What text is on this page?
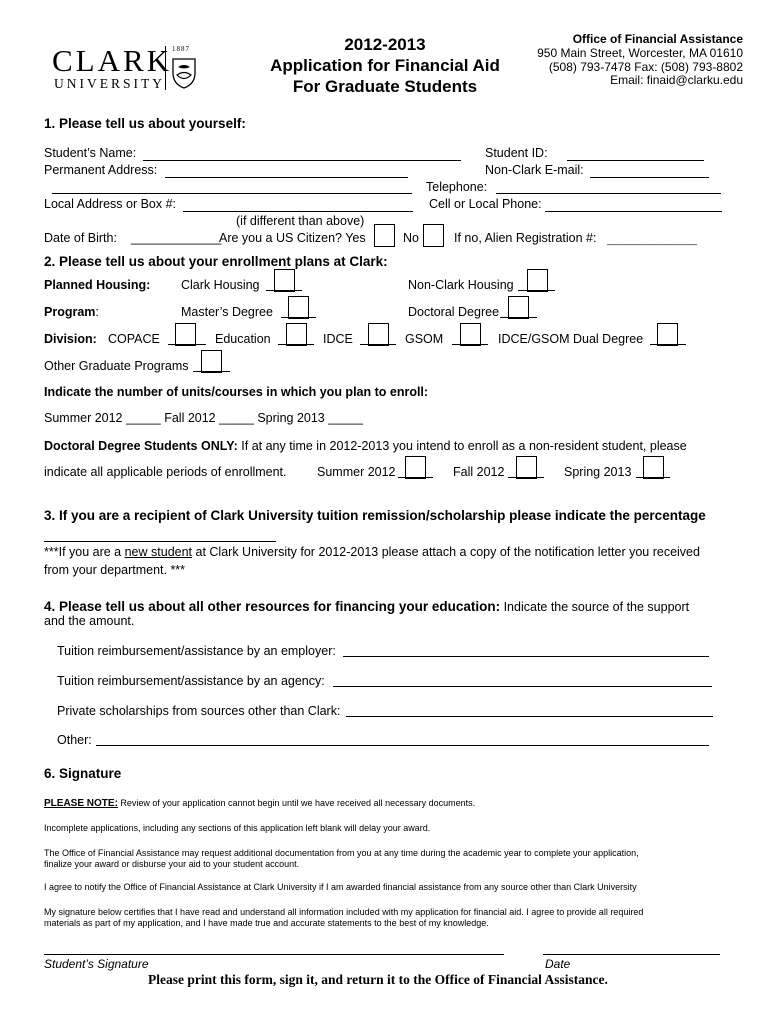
CLARK
UNIVERSITY
1887	2012-2013
Application for Financial Aid
For Graduate Students
Office of Financial Assistance
950 Main Street, Worcester, MA 01610
(508) 793-7478 Fax: (508) 793-8802
Email: finaid@clarku.edu
1. Please tell us about yourself:
Student’s Name:	Student ID:
Permanent Address:	Non-Clark E-mail:
Telephone:
Local Address or Box #:	Cell or Local Phone:
(if different than above)
Date of Birth: _____________
Are you a US Citizen? Yes	No	If no, Alien Registration #: __________________
2. Please tell us about your enrollment plans at Clark:
Planned Housing: Clark Housing	Non-Clark Housing
Program:	Master’s Degree	Doctoral Degree
Division: COPACE	Education	IDCE	GSOM	IDCE/GSOM Dual Degree
Other Graduate Programs
Indicate the number of units/courses in which you plan to enroll:
Summer 2012 _____ Fall 2012 _____ Spring 2013 _____
Doctoral Degree Students ONLY: If at any time in 2012-2013 you intend to enroll as a non-resident student, please
indicate all applicable periods of enrollment. Summer 2012	Fall 2012	Spring 2013
3. If you are a recipient of Clark University tuition remission/scholarship please indicate the percentage
***If you are a new student at Clark University for 2012-2013 please attach a copy of the notification letter you received
from your department. ***
4. Please tell us about all other resources for financing your education: Indicate the source of the support
and the amount.
Tuition reimbursement/assistance by an employer:
Tuition reimbursement/assistance by an agency:
Private scholarships from sources other than Clark:
Other:
6. Signature
PLEASE NOTE: Review of your application cannot begin until we have received all necessary documents.
Incomplete applications, including any sections of this application left blank will delay your award.
The Office of Financial Assistance may request additional documentation from you at any time during the academic year to complete your application,
finalize your award or disburse your aid to your student account.
I agree to notify the Office of Financial Assistance at Clark University if I am awarded financial assistance from any source other than Clark University
My signature below certifies that I have read and understand all information included with my application for financial aid. I agree to provide all required
materials as part of my application, and I have made true and accurate statements to the best of my knowledge.
Student’s Signature	Date
Please print this form, sign it, and return it to the Office of Financial Assistance.
